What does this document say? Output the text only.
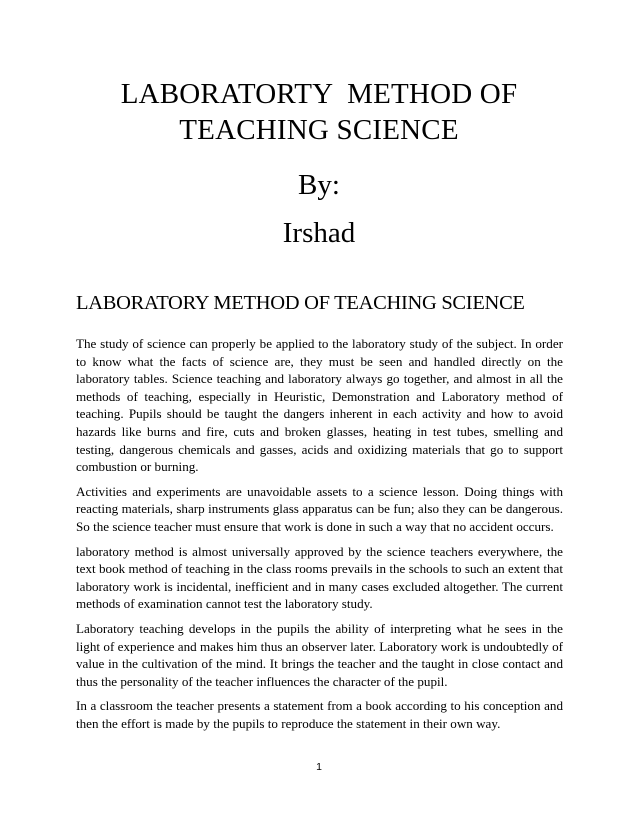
LABORATORTY  METHOD OF
TEACHING SCIENCE
By:
Irshad
LABORATORY METHOD OF TEACHING SCIENCE

The study of science can properly be applied to the laboratory study of the subject. In order to know what the facts of science are, they must be seen and handled directly on the laboratory tables. Science teaching and laboratory always go together, and almost in all the methods of teaching, especially in Heuristic, Demonstration and Laboratory method of teaching. Pupils should be taught the dangers inherent in each activity and how to avoid hazards like burns and fire, cuts and broken glasses, heating in test tubes, smelling and testing, dangerous chemicals and gasses, acids and oxidizing materials that go to support combustion or burning.

Activities and experiments are unavoidable assets to a science lesson. Doing things with reacting materials, sharp instruments glass apparatus can be fun; also they can be dangerous. So the science teacher must ensure that work is done in such a way that no accident occurs.

laboratory method is almost universally approved by the science teachers everywhere, the text book method of teaching in the class rooms prevails in the schools to such an extent that laboratory work is incidental, inefficient and in many cases excluded altogether. The current methods of examination cannot test the laboratory study.

Laboratory teaching develops in the pupils the ability of interpreting what he sees in the light of experience and makes him thus an observer later. Laboratory work is undoubtedly of value in the cultivation of the mind. It brings the teacher and the taught in close contact and thus the personality of the teacher influences the character of the pupil.

In a classroom the teacher presents a statement from a book according to his conception and then the effort is made by the pupils to reproduce the statement in their own way.

1
